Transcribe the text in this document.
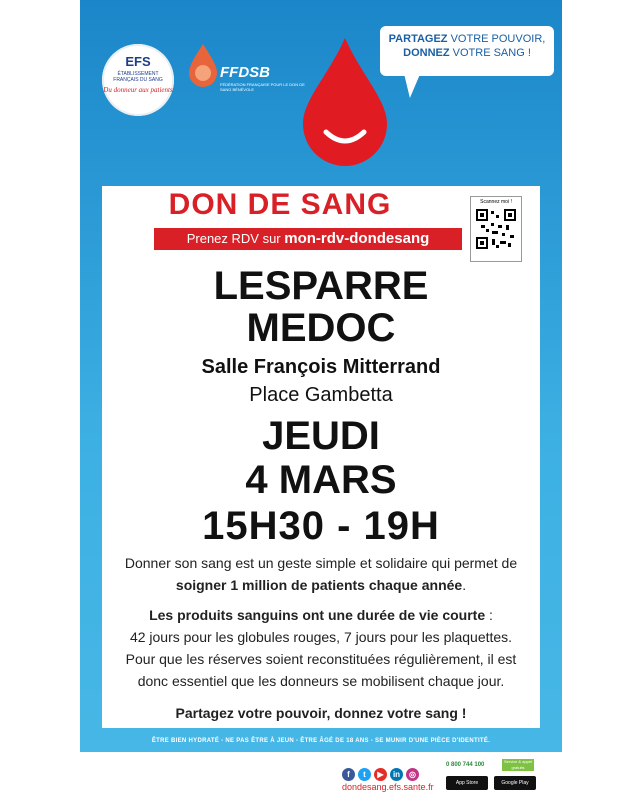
EFS
ÉTABLISSEMENT FRANÇAIS DU SANG
Du donneur aux patients
FFDSB
FÉDÉRATION FRANÇAISE POUR LE DON DE SANG BÉNÉVOLE
PARTAGEZ VOTRE POUVOIR,
DONNEZ VOTRE SANG !
DON DE SANG
Prenez RDV sur mon-rdv-dondesang
Scannez moi !
LESPARRE
MEDOC
Salle François Mitterrand
Place Gambetta
JEUDI
4 MARS
15H30 - 19H
Donner son sang est un geste simple et solidaire qui permet de
soigner 1 million de patients chaque année.
Les produits sanguins ont une durée de vie courte :
42 jours pour les globules rouges, 7 jours pour les plaquettes.
Pour que les réserves soient reconstituées régulièrement, il est
donc essentiel que les donneurs se mobilisent chaque jour.
Partagez votre pouvoir, donnez votre sang !
ÊTRE BIEN HYDRATÉ - NE PAS ÊTRE À JEUN - ÊTRE ÂGÉ DE 18 ANS - SE MUNIR D'UNE PIÈCE D'IDENTITÉ.
f t ▶ in ◎
dondesang.efs.sante.fr
0 800 744 100
Service & appel gratuits
App Store	Google Play
